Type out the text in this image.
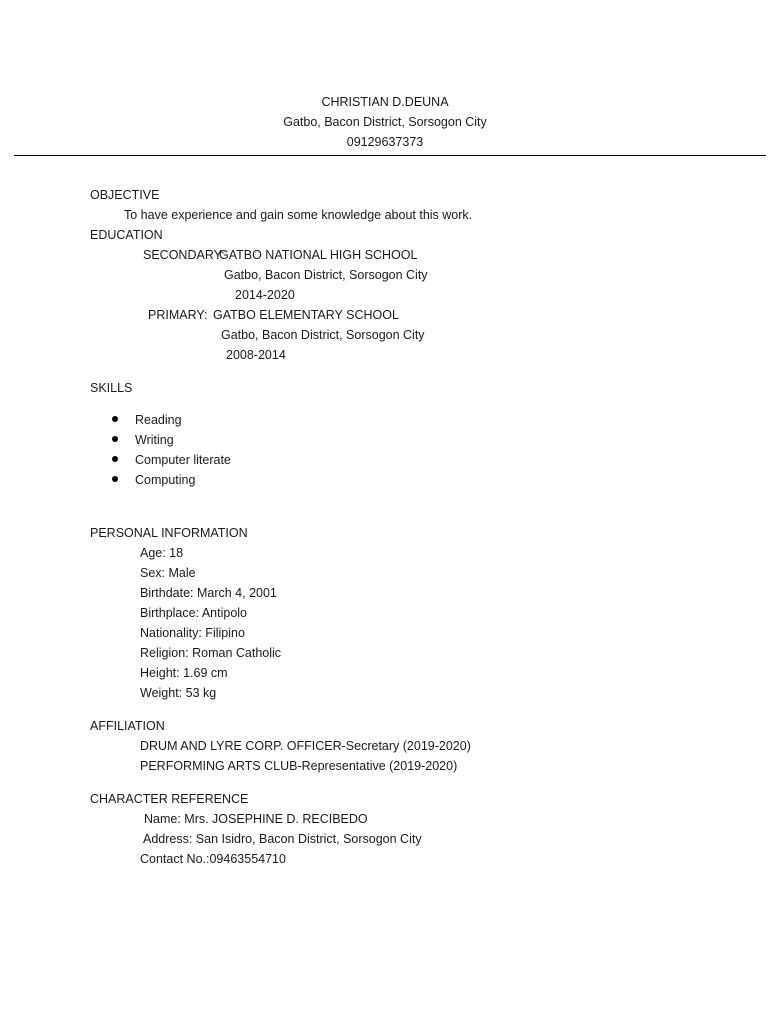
CHRISTIAN D.DEUNA
Gatbo, Bacon District, Sorsogon City
09129637373
OBJECTIVE
To have experience and gain some knowledge about this work.
EDUCATION
SECONDARY:
GATBO NATIONAL HIGH SCHOOL
Gatbo, Bacon District, Sorsogon City
2014-2020
PRIMARY: GATBO ELEMENTARY SCHOOL
Gatbo, Bacon District, Sorsogon City
2008-2014
SKILLS
Reading
Writing
Computer literate
Computing
PERSONAL INFORMATION
Age: 18
Sex: Male
Birthdate: March 4, 2001
Birthplace: Antipolo
Nationality: Filipino
Religion: Roman Catholic
Height: 1.69 cm
Weight: 53 kg
AFFILIATION
DRUM AND LYRE CORP. OFFICER-Secretary (2019-2020)
PERFORMING ARTS CLUB-Representative (2019-2020)
CHARACTER REFERENCE
Name: Mrs. JOSEPHINE D. RECIBEDO
Address: San Isidro, Bacon District, Sorsogon City
Contact No.:09463554710
